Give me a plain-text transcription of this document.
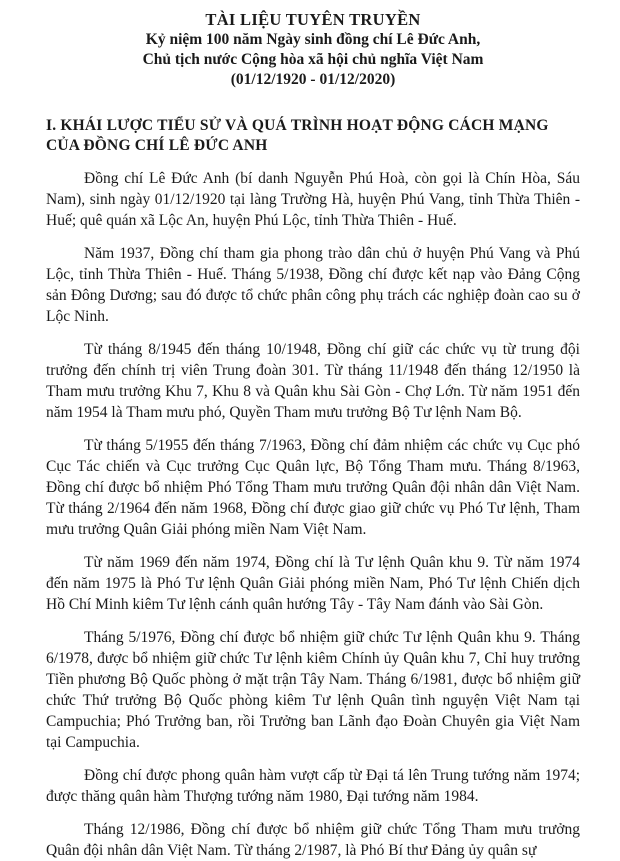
TÀI LIỆU TUYÊN TRUYỀN
Kỷ niệm 100 năm Ngày sinh đồng chí Lê Đức Anh,
Chủ tịch nước Cộng hòa xã hội chủ nghĩa Việt Nam
(01/12/1920 - 01/12/2020)
I. KHÁI LƯỢC TIỂU SỬ VÀ QUÁ TRÌNH HOẠT ĐỘNG CÁCH MẠNG CỦA ĐỒNG CHÍ LÊ ĐỨC ANH

Đồng chí Lê Đức Anh (bí danh Nguyễn Phú Hoà, còn gọi là Chín Hòa, Sáu Nam), sinh ngày 01/12/1920 tại làng Trường Hà, huyện Phú Vang, tỉnh Thừa Thiên - Huế; quê quán xã Lộc An, huyện Phú Lộc, tỉnh Thừa Thiên - Huế.

Năm 1937, Đồng chí tham gia phong trào dân chủ ở huyện Phú Vang và Phú Lộc, tỉnh Thừa Thiên - Huế. Tháng 5/1938, Đồng chí được kết nạp vào Đảng Cộng sản Đông Dương; sau đó được tổ chức phân công phụ trách các nghiệp đoàn cao su ở Lộc Ninh.

Từ tháng 8/1945 đến tháng 10/1948, Đồng chí giữ các chức vụ từ trung đội trưởng đến chính trị viên Trung đoàn 301. Từ tháng 11/1948 đến tháng 12/1950 là Tham mưu trưởng Khu 7, Khu 8 và Quân khu Sài Gòn - Chợ Lớn. Từ năm 1951 đến năm 1954 là Tham mưu phó, Quyền Tham mưu trưởng Bộ Tư lệnh Nam Bộ.

Từ tháng 5/1955 đến tháng 7/1963, Đồng chí đảm nhiệm các chức vụ Cục phó Cục Tác chiến và Cục trưởng Cục Quân lực, Bộ Tổng Tham mưu. Tháng 8/1963, Đồng chí được bổ nhiệm Phó Tổng Tham mưu trưởng Quân đội nhân dân Việt Nam. Từ tháng 2/1964 đến năm 1968, Đồng chí được giao giữ chức vụ Phó Tư lệnh, Tham mưu trưởng Quân Giải phóng miền Nam Việt Nam.

Từ năm 1969 đến năm 1974, Đồng chí là Tư lệnh Quân khu 9. Từ năm 1974 đến năm 1975 là Phó Tư lệnh Quân Giải phóng miền Nam, Phó Tư lệnh Chiến dịch Hồ Chí Minh kiêm Tư lệnh cánh quân hướng Tây - Tây Nam đánh vào Sài Gòn.

Tháng 5/1976, Đồng chí được bổ nhiệm giữ chức Tư lệnh Quân khu 9. Tháng 6/1978, được bổ nhiệm giữ chức Tư lệnh kiêm Chính ủy Quân khu 7, Chỉ huy trưởng Tiền phương Bộ Quốc phòng ở mặt trận Tây Nam. Tháng 6/1981, được bổ nhiệm giữ chức Thứ trưởng Bộ Quốc phòng kiêm Tư lệnh Quân tình nguyện Việt Nam tại Campuchia; Phó Trưởng ban, rồi Trưởng ban Lãnh đạo Đoàn Chuyên gia Việt Nam tại Campuchia.

Đồng chí được phong quân hàm vượt cấp từ Đại tá lên Trung tướng năm 1974; được thăng quân hàm Thượng tướng năm 1980, Đại tướng năm 1984.

Tháng 12/1986, Đồng chí được bổ nhiệm giữ chức Tổng Tham mưu trưởng Quân đội nhân dân Việt Nam. Từ tháng 2/1987, là Phó Bí thư Đảng ủy quân sự
